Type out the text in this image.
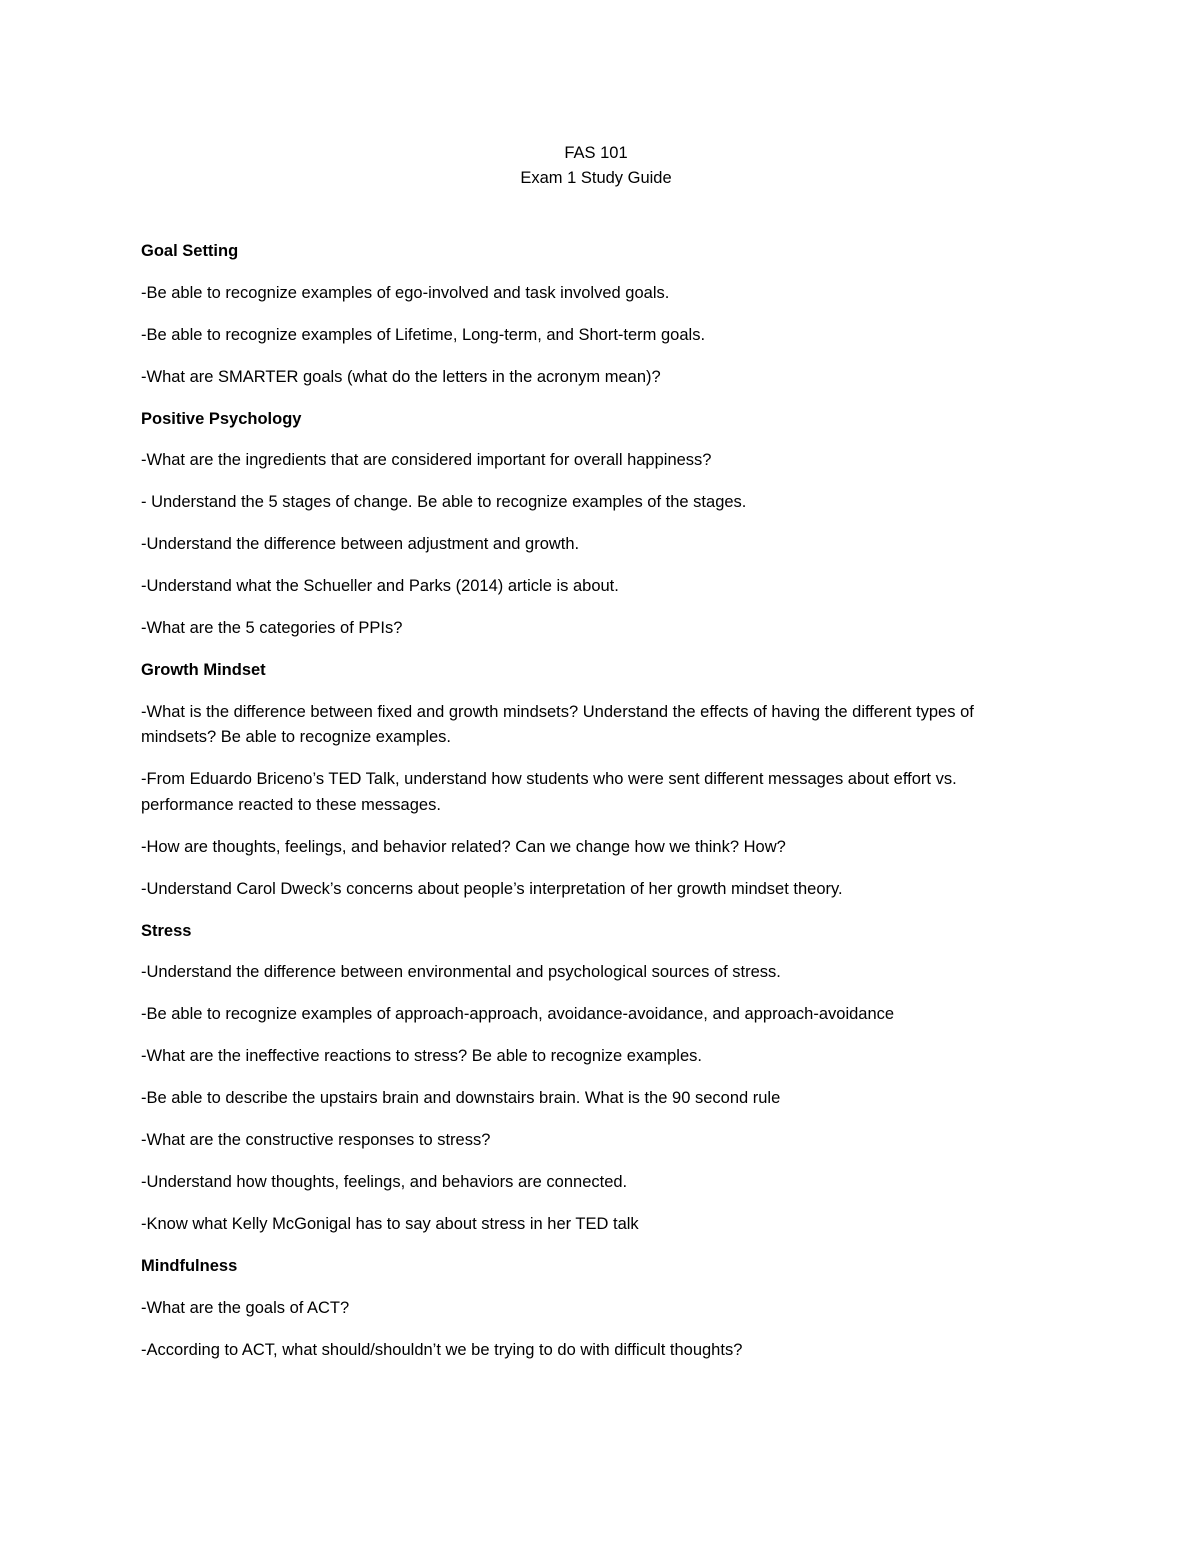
FAS 101
Exam 1 Study Guide
Goal Setting
-Be able to recognize examples of ego-involved and task involved goals.
-Be able to recognize examples of Lifetime, Long-term, and Short-term goals.
-What are SMARTER goals (what do the letters in the acronym mean)?
Positive Psychology
-What are the ingredients that are considered important for overall happiness?
- Understand the 5 stages of change. Be able to recognize examples of the stages.
-Understand the difference between adjustment and growth.
-Understand what the Schueller and Parks (2014) article is about.
-What are the 5 categories of PPIs?
Growth Mindset
-What is the difference between fixed and growth mindsets? Understand the effects of having the different types of mindsets? Be able to recognize examples.
-From Eduardo Briceno’s TED Talk, understand how students who were sent different messages about effort vs. performance reacted to these messages.
-How are thoughts, feelings, and behavior related? Can we change how we think? How?
-Understand Carol Dweck’s concerns about people’s interpretation of her growth mindset theory.
Stress
-Understand the difference between environmental and psychological sources of stress.
-Be able to recognize examples of approach-approach, avoidance-avoidance, and approach-avoidance
-What are the ineffective reactions to stress? Be able to recognize examples.
-Be able to describe the upstairs brain and downstairs brain. What is the 90 second rule
-What are the constructive responses to stress?
-Understand how thoughts, feelings, and behaviors are connected.
-Know what Kelly McGonigal has to say about stress in her TED talk
Mindfulness
-What are the goals of ACT?
-According to ACT, what should/shouldn’t we be trying to do with difficult thoughts?
